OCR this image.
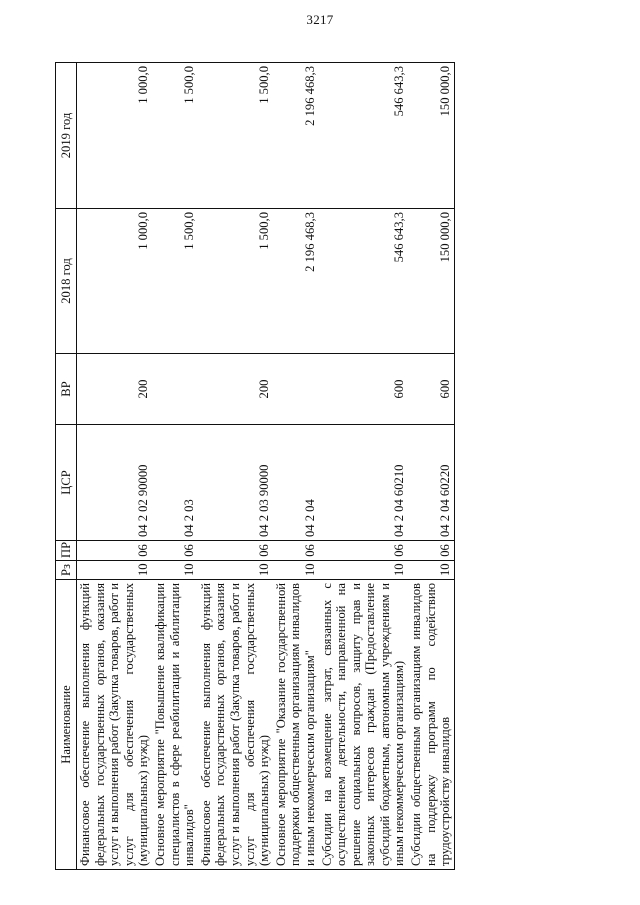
3217
Наименование	Рз	ПР	ЦСР	ВР	2018 год	2019 год
Финансовое обеспечение выполнения функций федеральных государственных органов, оказания услуг и выполнения работ (Закупка товаров, работ и услуг для обеспечения государственных (муниципальных) нужд)	10	06	04 2 02 90000	200	1 000,0	1 000,0
Основное мероприятие "Повышение квалификации специалистов в сфере реабилитации и абилитации инвалидов"	10	06	04 2 03		1 500,0	1 500,0
Финансовое обеспечение выполнения функций федеральных государственных органов, оказания услуг и выполнения работ (Закупка товаров, работ и услуг для обеспечения государственных (муниципальных) нужд)	10	06	04 2 03 90000	200	1 500,0	1 500,0
Основное мероприятие "Оказание государственной поддержки общественным организациям инвалидов и иным некоммерческим организациям"	10	06	04 2 04		2 196 468,3	2 196 468,3
Субсидии на возмещение затрат, связанных с осуществлением деятельности, направленной на решение социальных вопросов, защиту прав и законных интересов граждан (Предоставление субсидий бюджетным, автономным учреждениям и иным некоммерческим организациям)	10	06	04 2 04 60210	600	546 643,3	546 643,3
Субсидии общественным организациям инвалидов на поддержку программ по содействию трудоустройству инвалидов	10	06	04 2 04 60220	600	150 000,0	150 000,0
